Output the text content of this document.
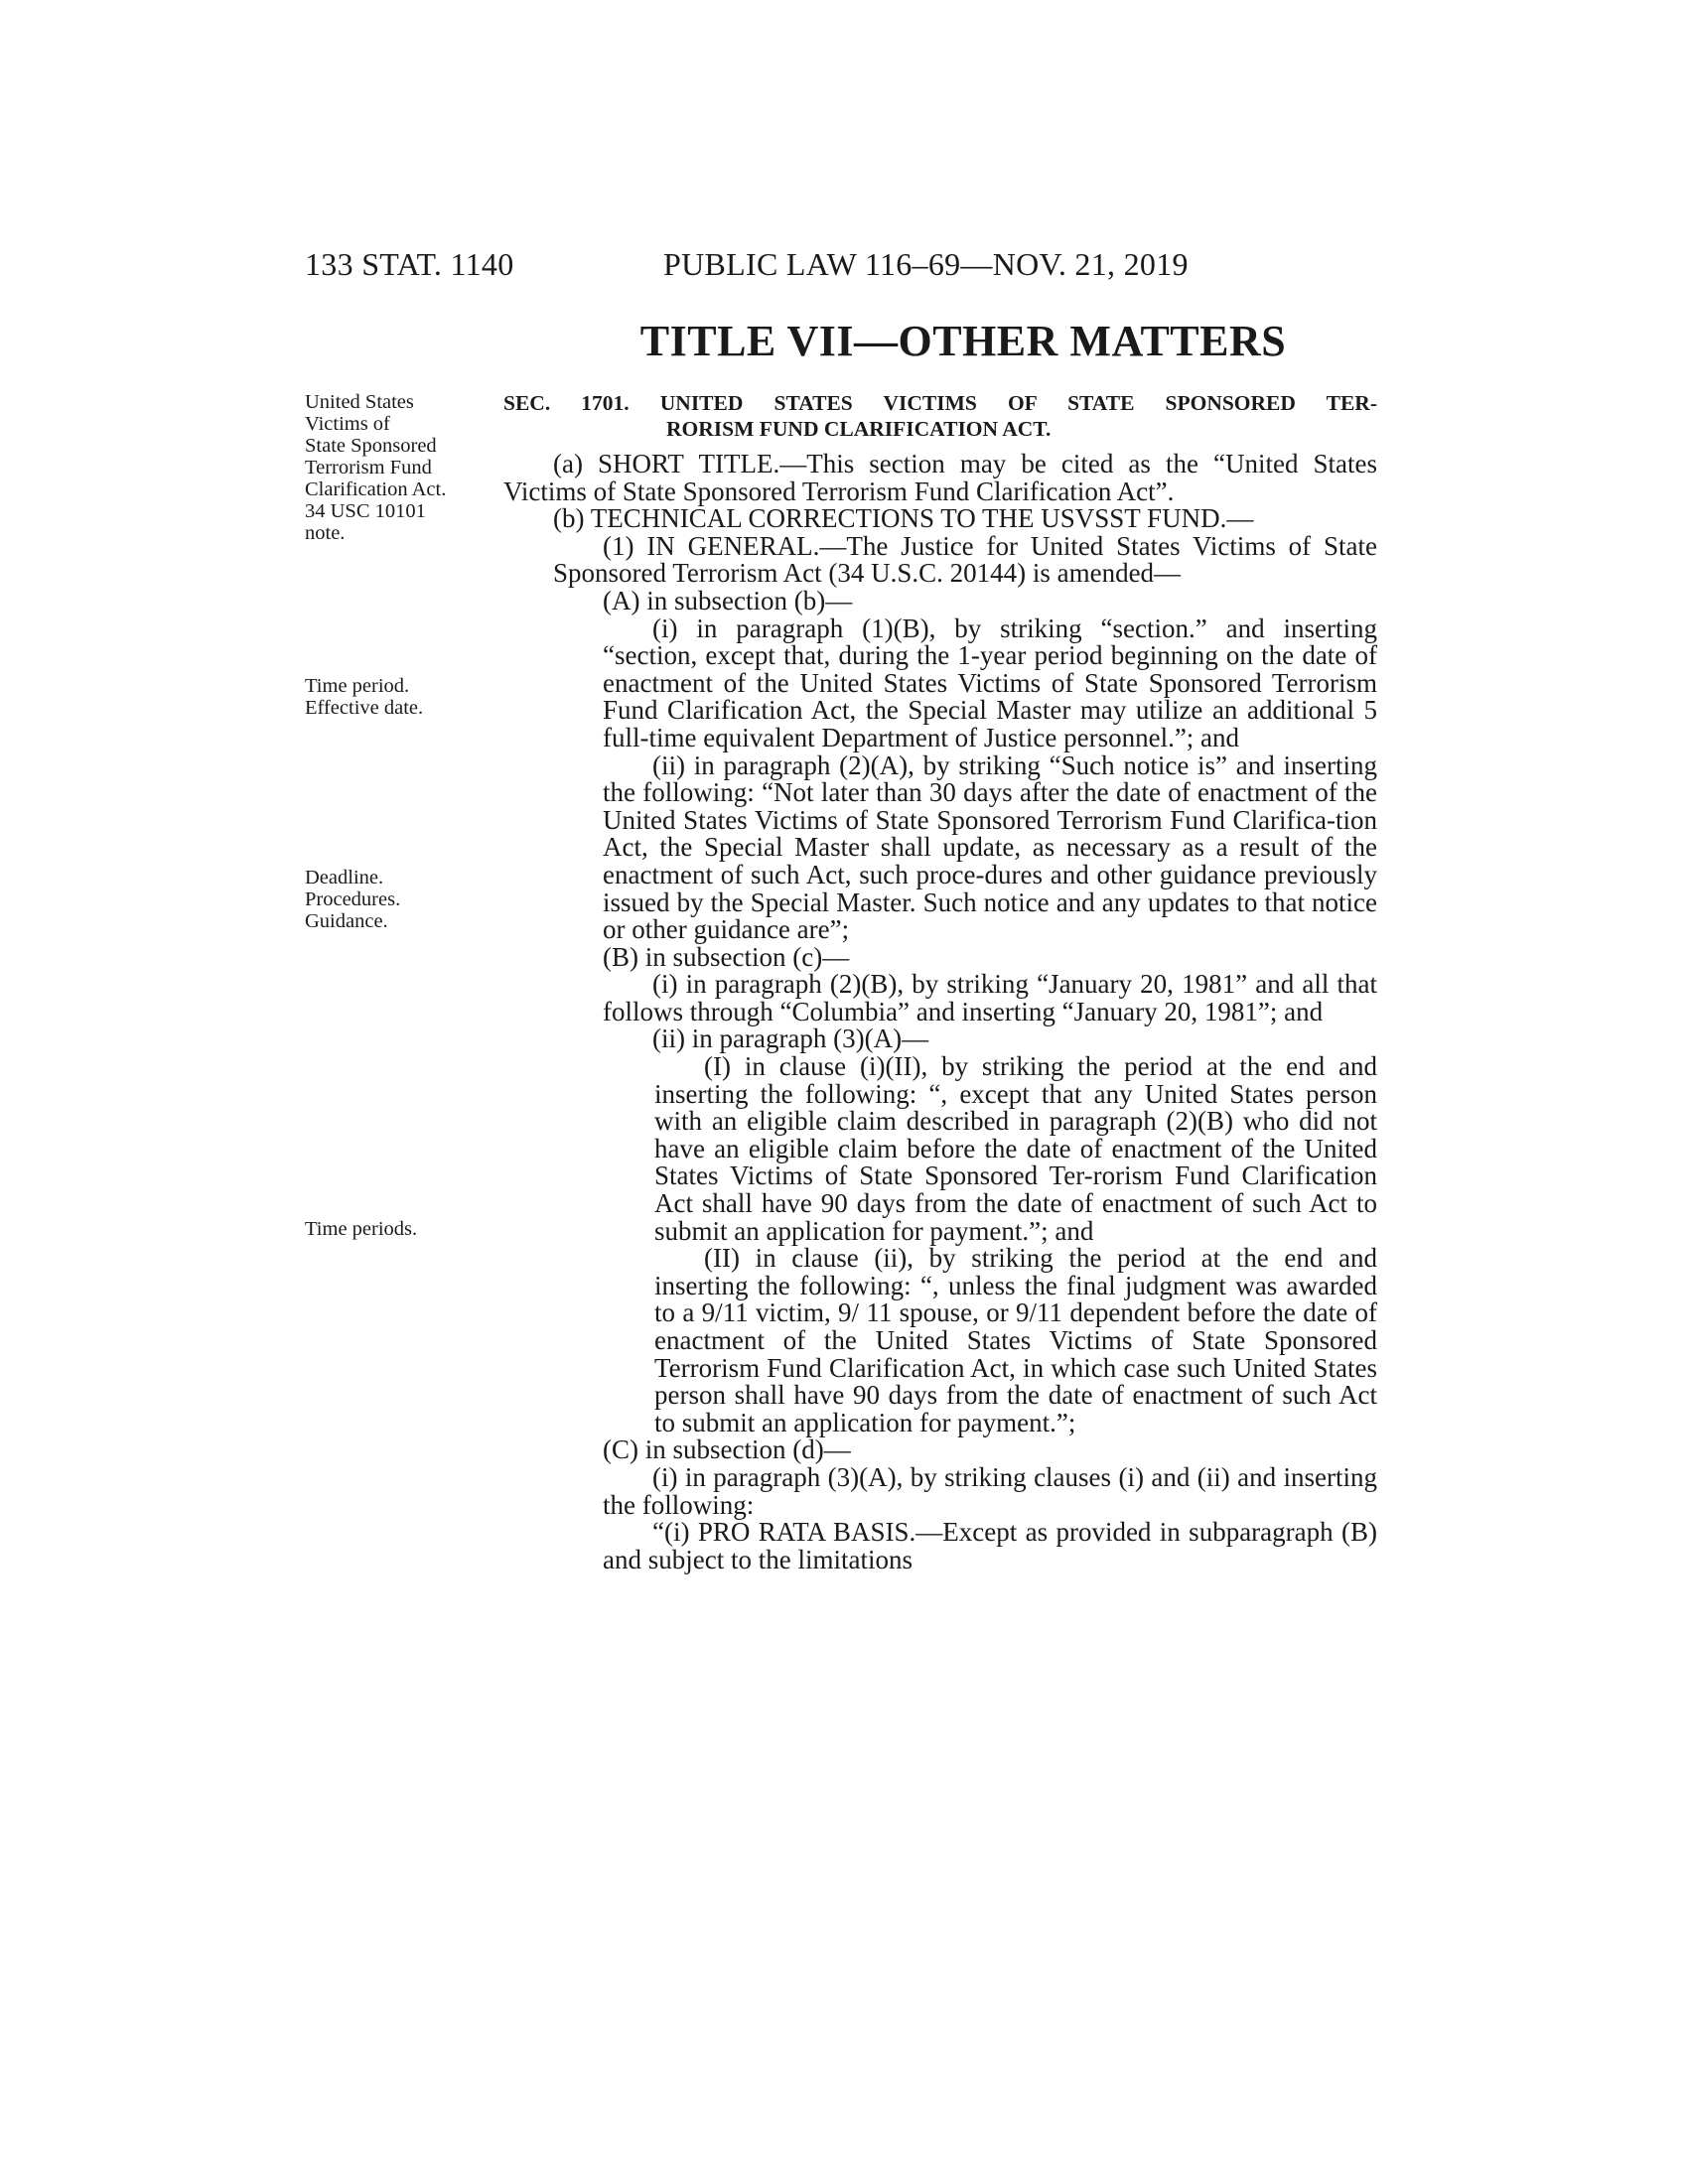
133 STAT. 1140	PUBLIC LAW 116–69—NOV. 21, 2019
TITLE VII—OTHER MATTERS
United States
Victims of
State Sponsored
Terrorism Fund
Clarification Act.
34 USC 10101
note.
Time period.
Effective date.
Deadline.
Procedures.
Guidance.
Time periods.
SEC. 1701. UNITED STATES VICTIMS OF STATE SPONSORED TER-
RORISM FUND CLARIFICATION ACT.

(a) SHORT TITLE.—This section may be cited as the “United States Victims of State Sponsored Terrorism Fund Clarification Act”.

(b) TECHNICAL CORRECTIONS TO THE USVSST FUND.—

(1) IN GENERAL.—The Justice for United States Victims of State Sponsored Terrorism Act (34 U.S.C. 20144) is amended—

(A) in subsection (b)—

(i) in paragraph (1)(B), by striking “section.” and inserting “section, except that, during the 1-year period beginning on the date of enactment of the United States Victims of State Sponsored Terrorism Fund Clarification Act, the Special Master may utilize an additional 5 full-time equivalent Department of Justice personnel.”; and

(ii) in paragraph (2)(A), by striking “Such notice is” and inserting the following: “Not later than 30 days after the date of enactment of the United States Victims of State Sponsored Terrorism Fund Clarifica-tion Act, the Special Master shall update, as necessary as a result of the enactment of such Act, such proce-dures and other guidance previously issued by the Special Master. Such notice and any updates to that notice or other guidance are”;

(B) in subsection (c)—

(i) in paragraph (2)(B), by striking “January 20, 1981” and all that follows through “Columbia” and inserting “January 20, 1981”; and

(ii) in paragraph (3)(A)—

(I) in clause (i)(II), by striking the period at the end and inserting the following: “, except that any United States person with an eligible claim described in paragraph (2)(B) who did not have an eligible claim before the date of enactment of the United States Victims of State Sponsored Ter-rorism Fund Clarification Act shall have 90 days from the date of enactment of such Act to submit an application for payment.”; and

(II) in clause (ii), by striking the period at the end and inserting the following: “, unless the final judgment was awarded to a 9/11 victim, 9/ 11 spouse, or 9/11 dependent before the date of enactment of the United States Victims of State Sponsored Terrorism Fund Clarification Act, in which case such United States person shall have 90 days from the date of enactment of such Act to submit an application for payment.”;

(C) in subsection (d)—

(i) in paragraph (3)(A), by striking clauses (i) and (ii) and inserting the following:

“(i) PRO RATA BASIS.—Except as provided in subparagraph (B) and subject to the limitations
